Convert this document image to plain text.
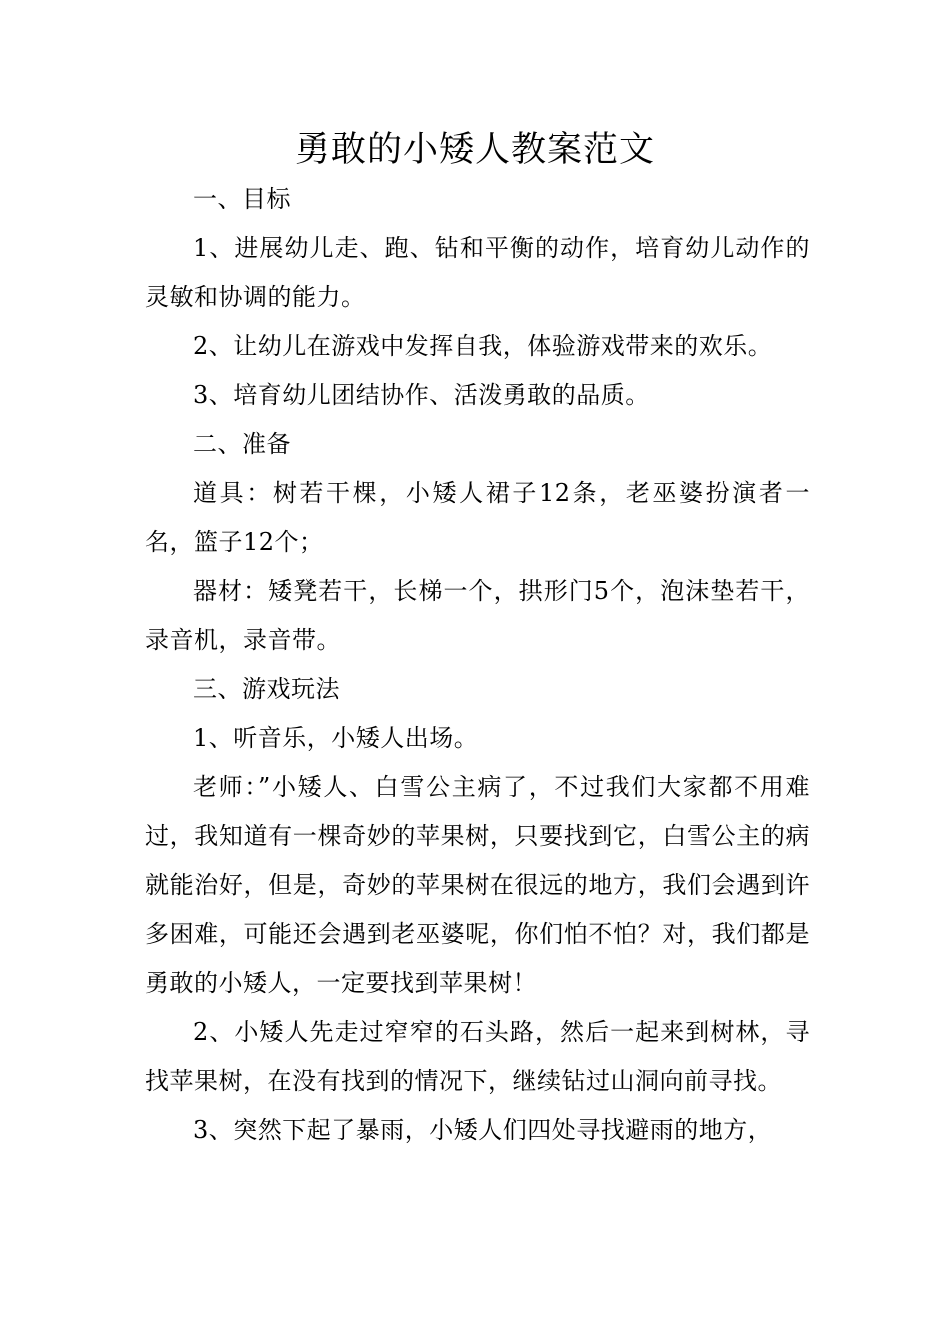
勇敢的小矮人教案范文

一、目标

1、进展幼儿走、跑、钻和平衡的动作，培育幼儿动作的灵敏和协调的能力。

2、让幼儿在游戏中发挥自我，体验游戏带来的欢乐。

3、培育幼儿团结协作、活泼勇敢的品质。

二、准备

道具：树若干棵，小矮人裙子12条，老巫婆扮演者一名，篮子12个；

器材：矮凳若干，长梯一个，拱形门5个，泡沫垫若干，录音机，录音带。

三、游戏玩法

1、听音乐，小矮人出场。

老师：”小矮人、白雪公主病了，不过我们大家都不用难过，我知道有一棵奇妙的苹果树，只要找到它，白雪公主的病就能治好，但是，奇妙的苹果树在很远的地方，我们会遇到许多困难，可能还会遇到老巫婆呢，你们怕不怕？对，我们都是勇敢的小矮人，一定要找到苹果树！

2、小矮人先走过窄窄的石头路，然后一起来到树林，寻找苹果树，在没有找到的情况下，继续钻过山洞向前寻找。

3、突然下起了暴雨，小矮人们四处寻找避雨的地方，
